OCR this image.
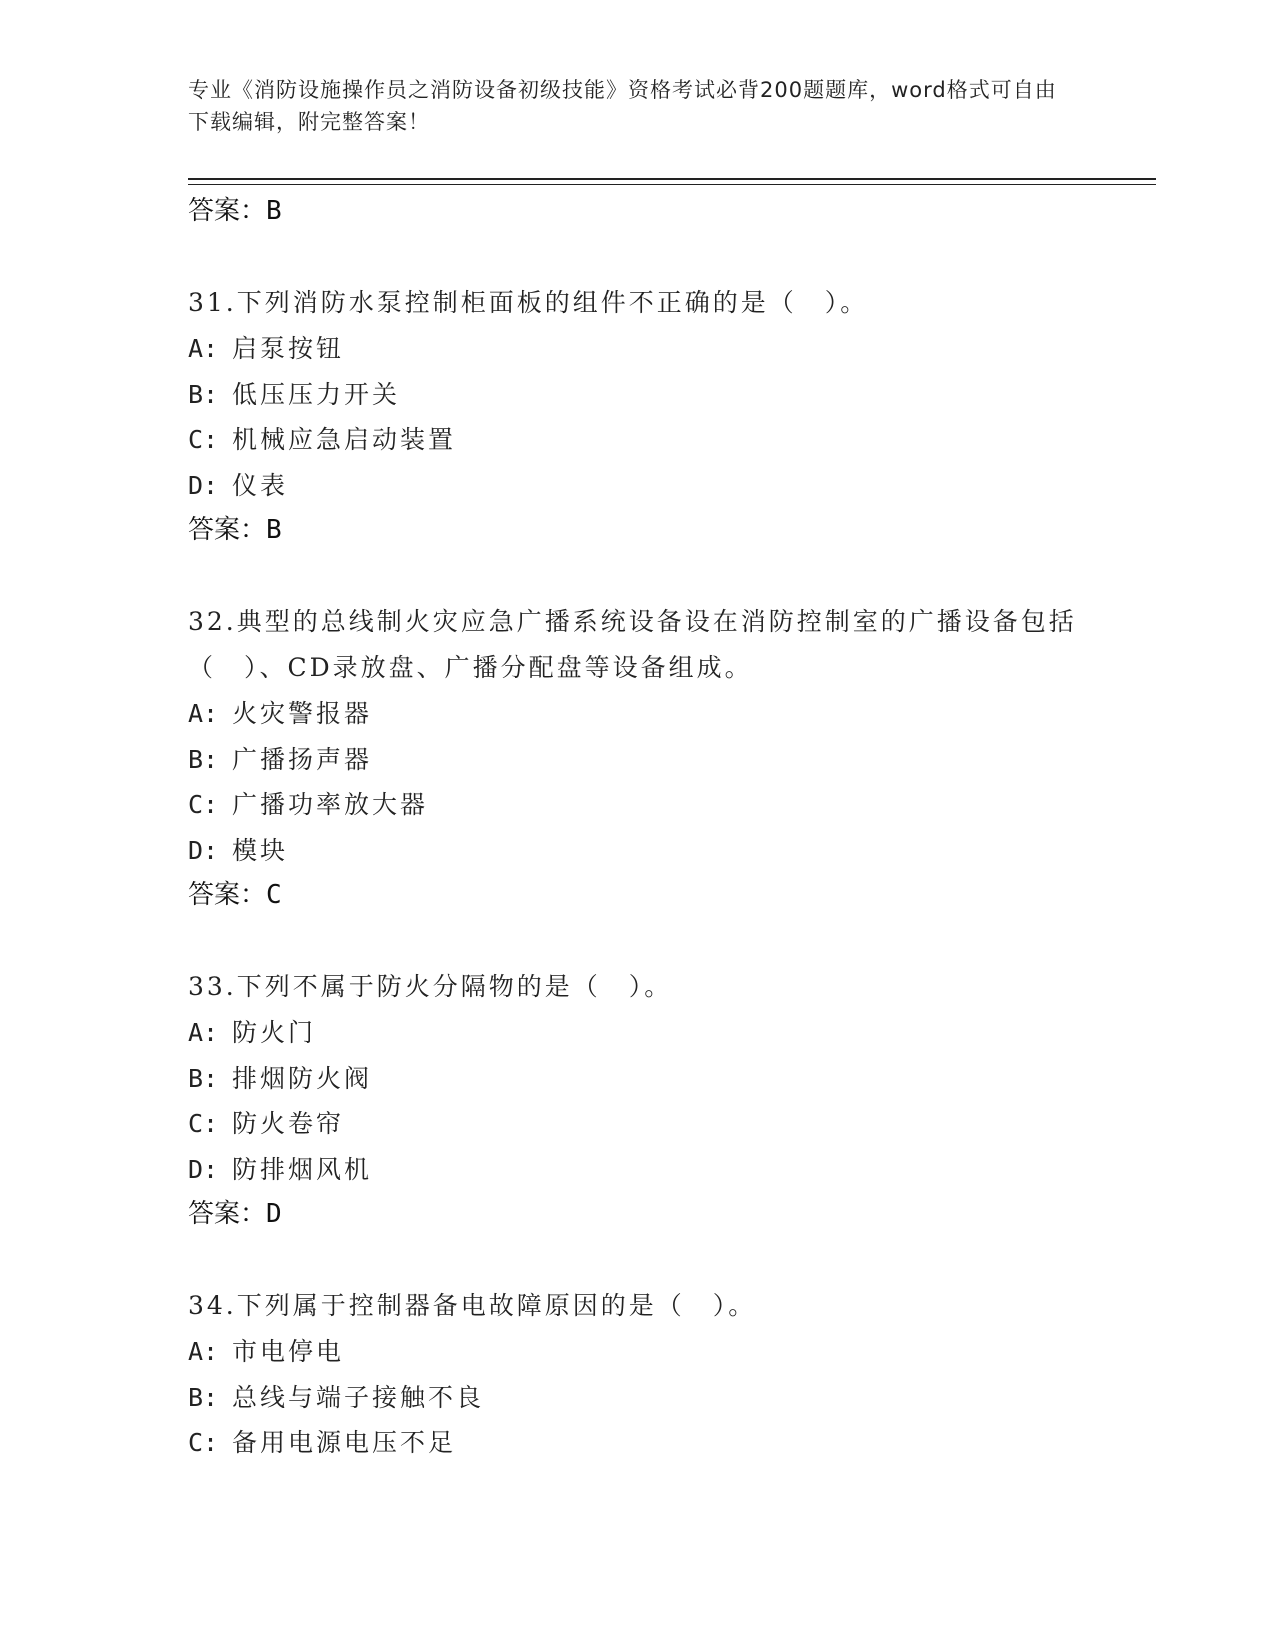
专业《消防设施操作员之消防设备初级技能》资格考试必背200题题库，word格式可自由下载编辑，附完整答案！
答案：B
31.下列消防水泵控制柜面板的组件不正确的是（　）。
A: 启泵按钮
B: 低压压力开关
C: 机械应急启动装置
D: 仪表
答案：B
32.典型的总线制火灾应急广播系统设备设在消防控制室的广播设备包括（　）、CD录放盘、广播分配盘等设备组成。
A: 火灾警报器
B: 广播扬声器
C: 广播功率放大器
D: 模块
答案：C
33.下列不属于防火分隔物的是（　）。
A: 防火门
B: 排烟防火阀
C: 防火卷帘
D: 防排烟风机
答案：D
34.下列属于控制器备电故障原因的是（　）。
A: 市电停电
B: 总线与端子接触不良
C: 备用电源电压不足
